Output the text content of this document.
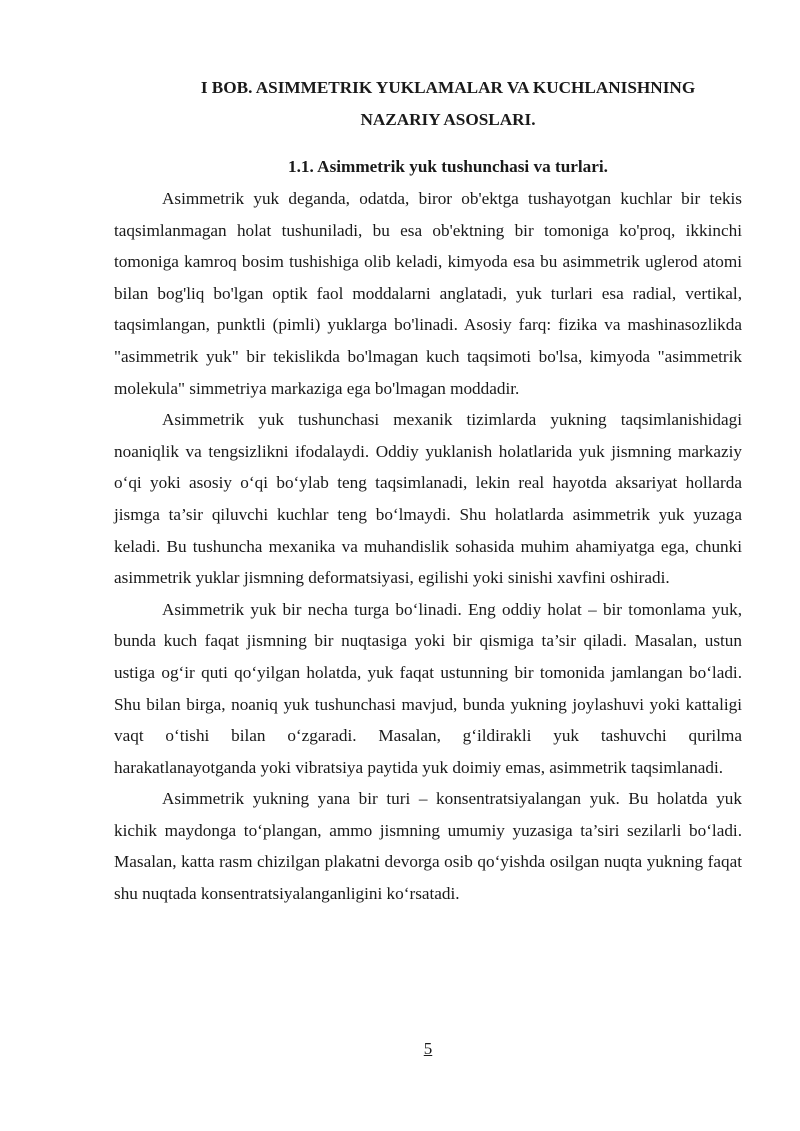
I BOB. ASIMMETRIK YUKLAMALAR VA KUCHLANISHNING
NAZARIY ASOSLARI.
1.1. Asimmetrik yuk tushunchasi va turlari.

Asimmetrik yuk deganda, odatda, biror ob'ektga tushayotgan kuchlar bir tekis taqsimlanmagan holat tushuniladi, bu esa ob'ektning bir tomoniga ko'proq, ikkinchi tomoniga kamroq bosim tushishiga olib keladi, kimyoda esa bu asimmetrik uglerod atomi bilan bog'liq bo'lgan optik faol moddalarni anglatadi, yuk turlari esa radial, vertikal, taqsimlangan, punktli (pimli) yuklarga bo'linadi. Asosiy farq: fizika va mashinasozlikda "asimmetrik yuk" bir tekislikda bo'lmagan kuch taqsimoti bo'lsa, kimyoda "asimmetrik molekula" simmetriya markaziga ega bo'lmagan moddadir.

Asimmetrik yuk tushunchasi mexanik tizimlarda yukning taqsimlanishidagi noaniqlik va tengsizlikni ifodalaydi. Oddiy yuklanish holatlarida yuk jismning markaziy o‘qi yoki asosiy o‘qi bo‘ylab teng taqsimlanadi, lekin real hayotda aksariyat hollarda jismga ta’sir qiluvchi kuchlar teng bo‘lmaydi. Shu holatlarda asimmetrik yuk yuzaga keladi. Bu tushuncha mexanika va muhandislik sohasida muhim ahamiyatga ega, chunki asimmetrik yuklar jismning deformatsiyasi, egilishi yoki sinishi xavfini oshiradi.

Asimmetrik yuk bir necha turga bo‘linadi. Eng oddiy holat – bir tomonlama yuk, bunda kuch faqat jismning bir nuqtasiga yoki bir qismiga ta’sir qiladi. Masalan, ustun ustiga og‘ir quti qo‘yilgan holatda, yuk faqat ustunning bir tomonida jamlangan bo‘ladi. Shu bilan birga, noaniq yuk tushunchasi mavjud, bunda yukning joylashuvi yoki kattaligi vaqt o‘tishi bilan o‘zgaradi. Masalan, g‘ildirakli yuk tashuvchi qurilma harakatlanayotganda yoki vibratsiya paytida yuk doimiy emas, asimmetrik taqsimlanadi.

Asimmetrik yukning yana bir turi – konsentratsiyalangan yuk. Bu holatda yuk kichik maydonga to‘plangan, ammo jismning umumiy yuzasiga ta’siri sezilarli bo‘ladi. Masalan, katta rasm chizilgan plakatni devorga osib qo‘yishda osilgan nuqta yukning faqat shu nuqtada konsentratsiyalanganligini ko‘rsatadi.

5
